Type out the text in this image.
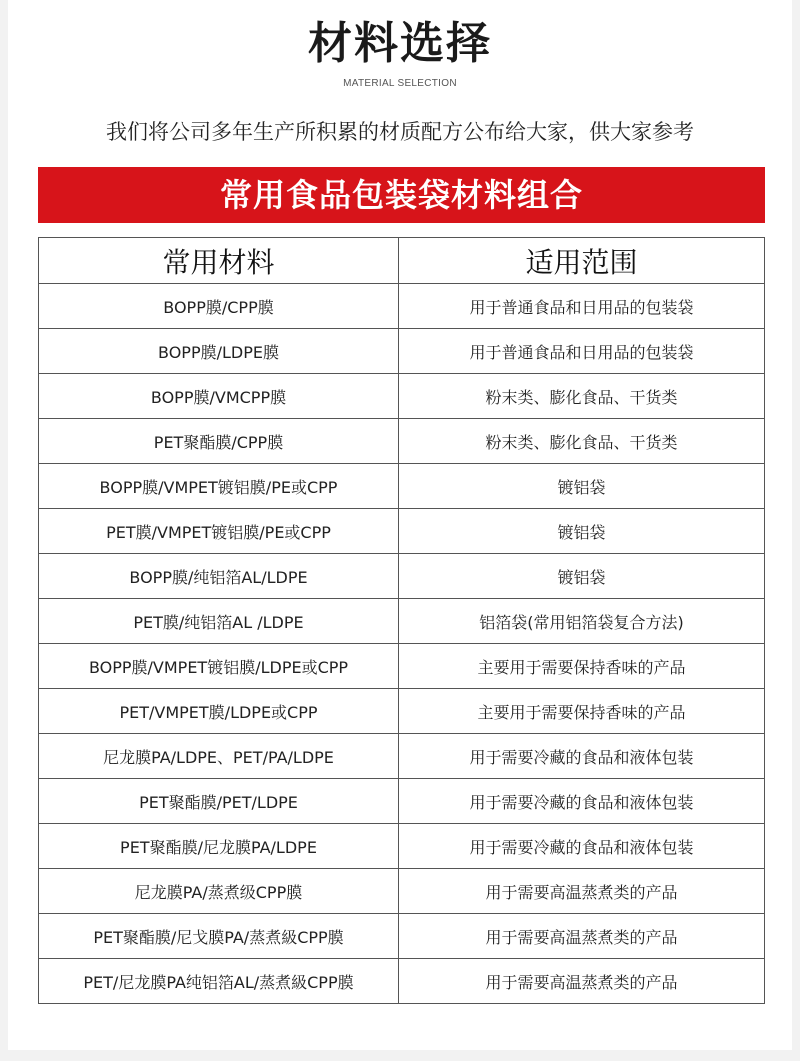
材料选择
MATERIAL SELECTION
我们将公司多年生产所积累的材质配方公布给大家，供大家参考
常用食品包装袋材料组合
常用材料	适用范围
BOPP膜/CPP膜	用于普通食品和日用品的包装袋
BOPP膜/LDPE膜	用于普通食品和日用品的包装袋
BOPP膜/VMCPP膜	粉末类、膨化食品、干货类
PET聚酯膜/CPP膜	粉末类、膨化食品、干货类
BOPP膜/VMPET镀铝膜/PE或CPP	镀铝袋
PET膜/VMPET镀铝膜/PE或CPP	镀铝袋
BOPP膜/纯铝箔AL/LDPE	镀铝袋
PET膜/纯铝箔AL /LDPE	铝箔袋(常用铝箔袋复合方法)
BOPP膜/VMPET镀铝膜/LDPE或CPP	主要用于需要保持香味的产品
PET/VMPET膜/LDPE或CPP	主要用于需要保持香味的产品
尼龙膜PA/LDPE、PET/PA/LDPE	用于需要冷藏的食品和液体包装
PET聚酯膜/PET/LDPE	用于需要冷藏的食品和液体包装
PET聚酯膜/尼龙膜PA/LDPE	用于需要冷藏的食品和液体包装
尼龙膜PA/蒸煮级CPP膜	用于需要高温蒸煮类的产品
PET聚酯膜/尼戈膜PA/蒸煮級CPP膜	用于需要高温蒸煮类的产品
PET/尼龙膜PA纯铝箔AL/蒸煮級CPP膜	用于需要高温蒸煮类的产品
